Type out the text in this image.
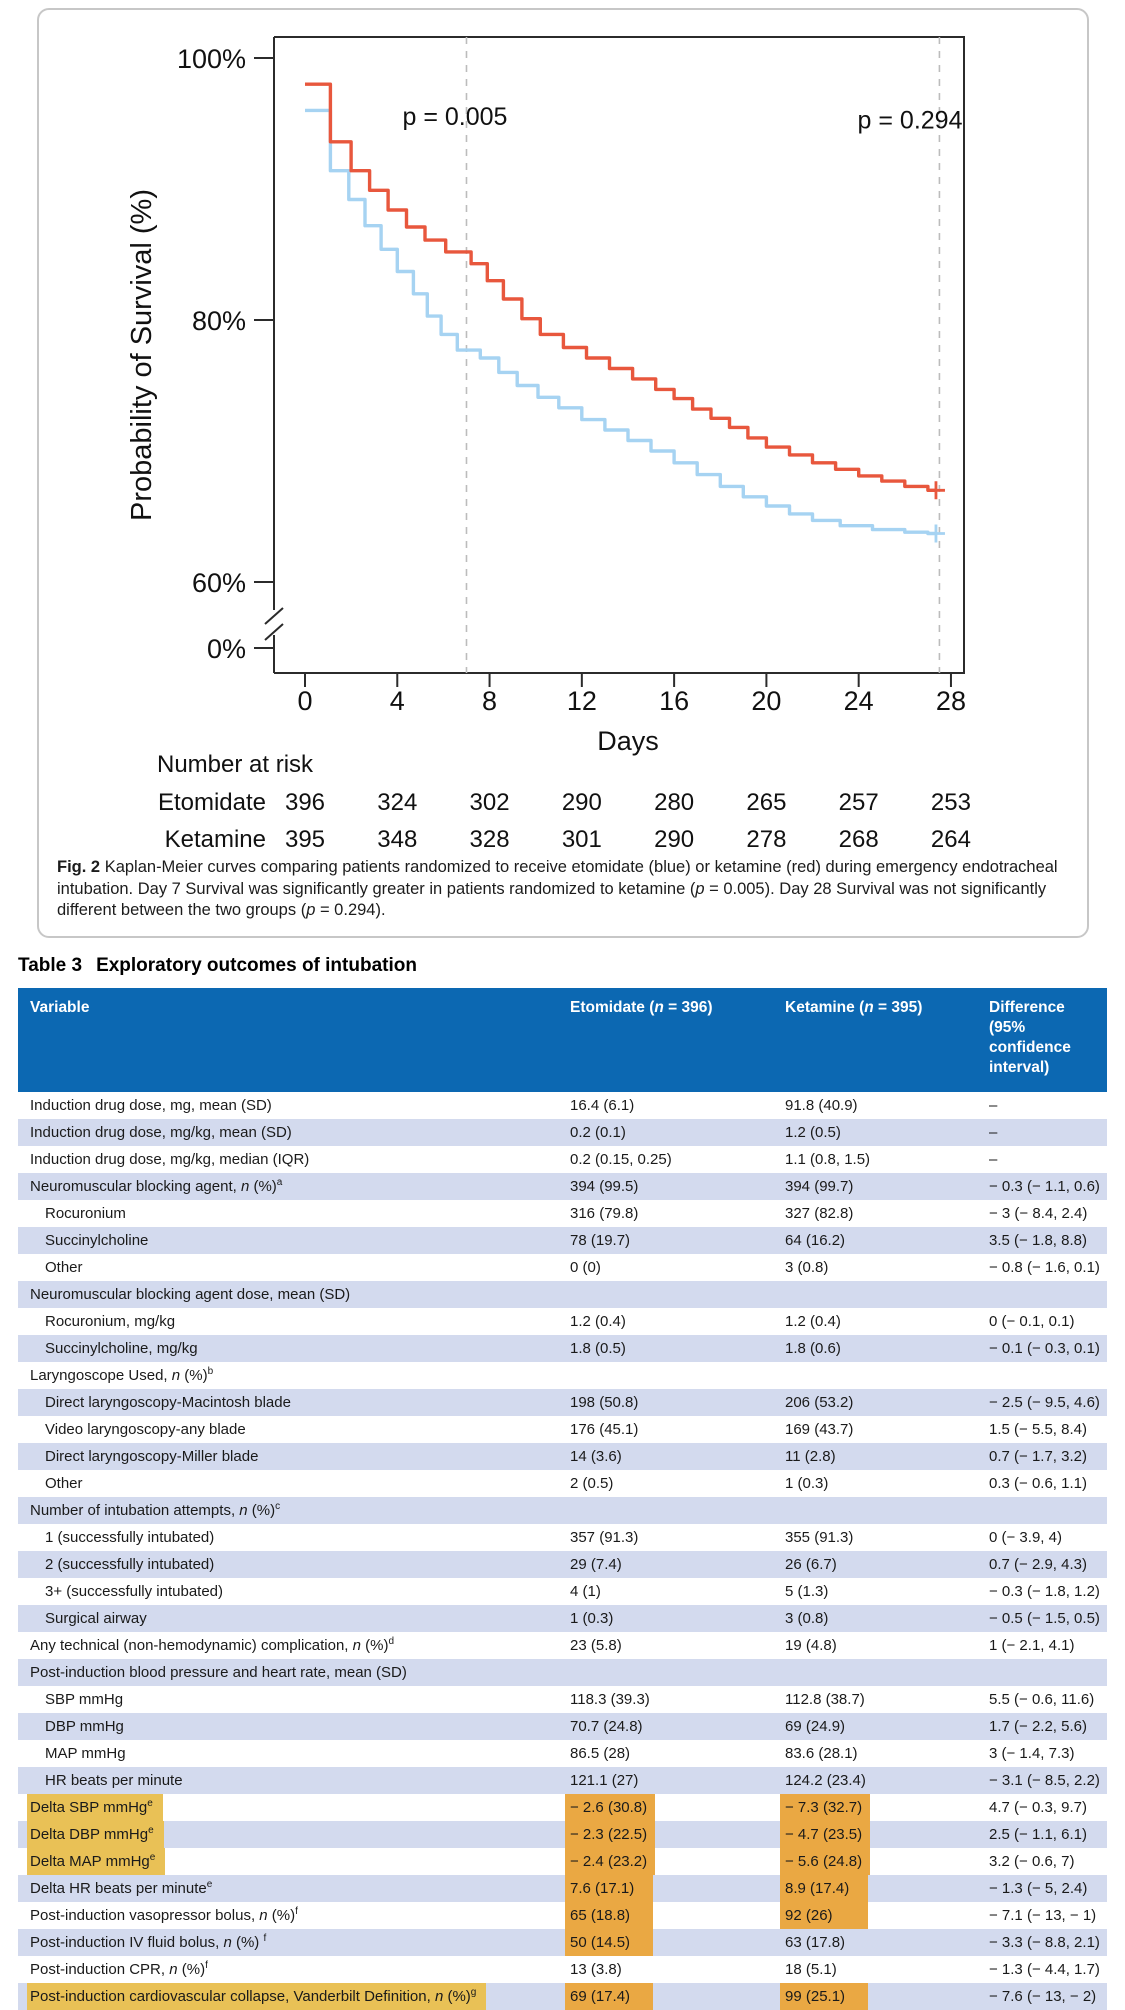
100%
80%
60%
0%
0	4	8	12 16 20 24 28
Days
Probability of Survival (%)
p = 0.005	p = 0.294
Number at risk
Etomidate 396 324 302 290 280 265 257 253
Ketamine 395 348 328 301 290 278 268 264

Fig. 2 Kaplan-Meier curves comparing patients randomized to receive etomidate (blue) or ketamine (red) during emergency endotracheal intubation. Day 7 Survival was significantly greater in patients randomized to ketamine (p = 0.005). Day 28 Survival was not significantly different between the two groups (p = 0.294).

Table 3 Exploratory outcomes of intubation
Variable	Etomidate (n = 396)	Ketamine (n = 395)	Difference (95% confidence interval)
Induction drug dose, mg, mean (SD)	16.4 (6.1)	91.8 (40.9)	–
Induction drug dose, mg/kg, mean (SD)	0.2 (0.1)	1.2 (0.5)	–
Induction drug dose, mg/kg, median (IQR)	0.2 (0.15, 0.25)	1.1 (0.8, 1.5)	–
Neuromuscular blocking agent, n (%)$^a$	394 (99.5)	394 (99.7)	− 0.3 (− 1.1, 0.6)
Rocuronium	316 (79.8)	327 (82.8)	− 3 (− 8.4, 2.4)
Succinylcholine	78 (19.7)	64 (16.2)	3.5 (− 1.8, 8.8)
Other	0 (0)	3 (0.8)	− 0.8 (− 1.6, 0.1)
Neuromuscular blocking agent dose, mean (SD)			
Rocuronium, mg/kg	1.2 (0.4)	1.2 (0.4)	0 (− 0.1, 0.1)
Succinylcholine, mg/kg	1.8 (0.5)	1.8 (0.6)	− 0.1 (− 0.3, 0.1)
Laryngoscope Used, n (%)$^b$			
Direct laryngoscopy-Macintosh blade	198 (50.8)	206 (53.2)	− 2.5 (− 9.5, 4.6)
Video laryngoscopy-any blade	176 (45.1)	169 (43.7)	1.5 (− 5.5, 8.4)
Direct laryngoscopy-Miller blade	14 (3.6)	11 (2.8)	0.7 (− 1.7, 3.2)
Other	2 (0.5)	1 (0.3)	0.3 (− 0.6, 1.1)
Number of intubation attempts, n (%)$^c$			
1 (successfully intubated)	357 (91.3)	355 (91.3)	0 (− 3.9, 4)
2 (successfully intubated)	29 (7.4)	26 (6.7)	0.7 (− 2.9, 4.3)
3+ (successfully intubated)	4 (1)	5 (1.3)	− 0.3 (− 1.8, 1.2)
Surgical airway	1 (0.3)	3 (0.8)	− 0.5 (− 1.5, 0.5)
Any technical (non-hemodynamic) complication, n (%)$^d$	23 (5.8)	19 (4.8)	1 (− 2.1, 4.1)
Post-induction blood pressure and heart rate, mean (SD)			
SBP mmHg	118.3 (39.3)	112.8 (38.7)	5.5 (− 0.6, 11.6)
DBP mmHg	70.7 (24.8)	69 (24.9)	1.7 (− 2.2, 5.6)
MAP mmHg	86.5 (28)	83.6 (28.1)	3 (− 1.4, 7.3)
HR beats per minute	121.1 (27)	124.2 (23.4)	− 3.1 (− 8.5, 2.2)
Delta SBP mmHg$^e$	− 2.6 (30.8)	− 7.3 (32.7)	4.7 (− 0.3, 9.7)
Delta DBP mmHg$^e$	− 2.3 (22.5)	− 4.7 (23.5)	2.5 (− 1.1, 6.1)
Delta MAP mmHg$^e$	− 2.4 (23.2)	− 5.6 (24.8)	3.2 (− 0.6, 7)
Delta HR beats per minute$^e$	7.6 (17.1)	8.9 (17.4)	− 1.3 (− 5, 2.4)
Post-induction vasopressor bolus, n (%)$^f$	65 (18.8)	92 (26)	− 7.1 (− 13, − 1)
Post-induction IV fluid bolus, n (%) $^f$	50 (14.5)	63 (17.8)	− 3.3 (− 8.8, 2.1)
Post-induction CPR, n (%)$^f$	13 (3.8)	18 (5.1)	− 1.3 (− 4.4, 1.7)
Post-induction cardiovascular collapse, Vanderbilt Definition, n (%)$^g$	69 (17.4)	99 (25.1)	− 7.6 (− 13, − 2)
